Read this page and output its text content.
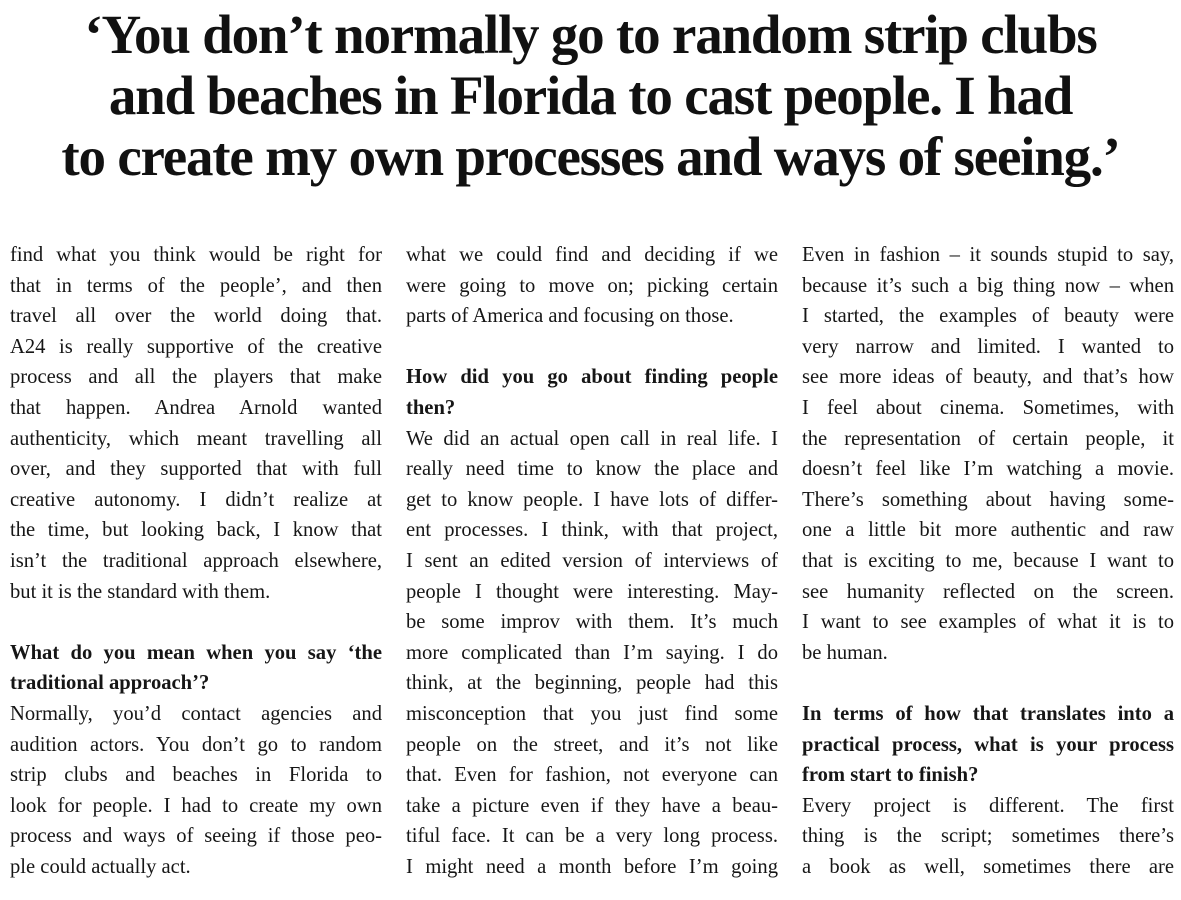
‘You don’t normally go to random strip clubs
and beaches in Florida to cast people. I had
to create my own processes and ways of seeing.’
find what you think would be right for
that in terms of the people’, and then
travel all over the world doing that.
A24 is really supportive of the creative
process and all the players that make
that happen. Andrea Arnold wanted
authenticity, which meant travelling all
over, and they supported that with full
creative autonomy. I didn’t realize at
the time, but looking back, I know that
isn’t the traditional approach elsewhere,
but it is the standard with them.
What do you mean when you say ‘the
traditional approach’?
Normally, you’d contact agencies and
audition actors. You don’t go to random
strip clubs and beaches in Florida to
look for people. I had to create my own
process and ways of seeing if those peo-
ple could actually act.
what we could find and deciding if we
were going to move on; picking certain
parts of America and focusing on those.
How did you go about finding people
then?
We did an actual open call in real life. I
really need time to know the place and
get to know people. I have lots of differ-
ent processes. I think, with that project,
I sent an edited version of interviews of
people I thought were interesting. May-
be some improv with them. It’s much
more complicated than I’m saying. I do
think, at the beginning, people had this
misconception that you just find some
people on the street, and it’s not like
that. Even for fashion, not everyone can
take a picture even if they have a beau-
tiful face. It can be a very long process.
I might need a month before I’m going
Even in fashion – it sounds stupid to say,
because it’s such a big thing now – when
I started, the examples of beauty were
very narrow and limited. I wanted to
see more ideas of beauty, and that’s how
I feel about cinema. Sometimes, with
the representation of certain people, it
doesn’t feel like I’m watching a movie.
There’s something about having some-
one a little bit more authentic and raw
that is exciting to me, because I want to
see humanity reflected on the screen.
I want to see examples of what it is to
be human.
In terms of how that translates into a
practical process, what is your process
from start to finish?
Every project is different. The first
thing is the script; sometimes there’s
a book as well, sometimes there are
